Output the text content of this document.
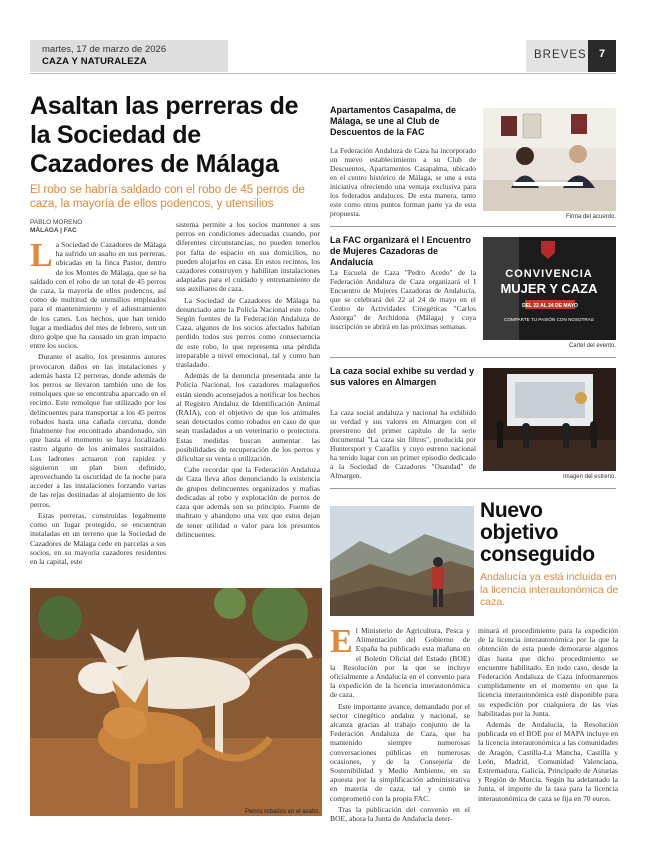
martes, 17 de marzo de 2026
CAZA Y NATURALEZA
BREVES	7
Asaltan las perreras de la Sociedad de Cazadores de Málaga
El robo se habría saldado con el robo de 45 perros de caza, la mayoría de ellos podencos, y utensilios
PABLO MORENO
MÁLAGA | FAC

La Sociedad de Cazadores de Málaga ha sufrido un asalto en sus perreras, ubicadas en la finca Pastor, dentro de los Montes de Málaga, que se ha saldado con el robo de un total de 45 perros de caza, la mayoría de ellos podencos, así como de multitud de utensilios empleados para el mantenimiento y el adiestramiento de los canes. Los hechos, que han tenido lugar a mediados del mes de febrero, son un duro golpe que ha causado un gran impacto entre los socios.

Durante el asalto, los presuntos autores provocaron daños en las instalaciones y además hasta 12 perreras, donde además de los perros se llevaron también uno de los remolques que se encontraba aparcado en el recinto. Este remolque fue utilizado por los delincuentes para transportar a los 45 perros robados hasta una cañada cercana, donde finalmente fue encontrado abandonado, sin que hasta el momento se haya localizado rastro alguno de los animales sustraídos. Los ladrones actuaron con rapidez y siguieron un plan bien definido, aprovechando la oscuridad de la noche para acceder a las instalaciones forzando varias de las rejas destinadas al alojamiento de los perros.

Estas perreras, construidas legalmente como un lugar protegido, se encuentran instaladas en un terreno que la Sociedad de Cazadores de Málaga cede en parcelas a sus socios, en su mayoría cazadores residentes en la capital, este

sistema permite a los socios mantener a sus perros en condiciones adecuadas cuando, por diferentes circunstancias, no pueden tenerlos por falta de espacio en sus domicilios, no pueden alojarlos en casa. En estos recintos, los cazadores construyen y habilitan instalaciones adaptadas para el cuidado y entrenamiento de sus auxiliares de caza.

La Sociedad de Cazadores de Málaga ha denunciado ante la Policía Nacional este robo. Según fuentes de la Federación Andaluza de Caza, algunos de los socios afectados habrían perdido todos sus perros como consecuencia de este robo, lo que representa una pérdida irreparable a nivel emocional, tal y como han trasladado.

Además de la denuncia presentada ante la Policía Nacional, los cazadores malagueños están siendo aconsejados a notificar los hechos al Registro Andaluz de Identificación Animal (RAIA), con el objetivo de que los animales sean detectados como robados en caso de que sean trasladados a un veterinario o protectora. Estas medidas buscan aumentar las posibilidades de recuperación de los perros y dificultar su venta o utilización.

Cabe recordar que la Federación Andaluza de Caza lleva años denunciando la existencia de grupos delincuentes organizados y mafias dedicadas al robo y explotación de perros de caza que además son su principio. Fuente de maltrato y abandono una vez que estos dejan de tener utilidad o valor para los presuntos delincuentes.

Perros robados en el asalto.
Apartamentos Casapalma, de Málaga, se une al Club de Descuentos de la FAC
La Federación Andaluza de Caza ha incorporado un nuevo establecimiento a su Club de Descuentos, Apartamentos Casapalma, ubicado en el centro histórico de Málaga, se une a esta iniciativa ofreciendo una ventaja exclusiva para los federados andaluces. De esta manera, tanto este como otros puntos forman parte ya de esta propuesta.	Firma del acuerdo.
La FAC organizará el I Encuentro de Mujeres Cazadoras de Andalucía
La Escuela de Caza "Pedro Acedo" de la Federación Andaluza de Caza organizará el I Encuentro de Mujeres Cazadoras de Andalucía, que se celebrará del 22 al 24 de mayo en el Centro de Actividades Cinegéticas "Carlos Astorga" de Archidona (Málaga) y cuya inscripción se abrirá en las próximas semanas.
CONVIVENCIA
MUJER Y CAZA
DEL 22 AL 24 DE MAYO
COMPARTE TU PASIÓN CON NOSOTRAS
Cartel del evento.
La caza social exhibe su verdad y sus valores en Almargen
La caza social andaluza y nacional ha exhibido su verdad y sus valores en Almargen con el preestreno del primer capítulo de la serie documental "La caza sin filtros", producida por Huntersport y Cazaflix y cuyo estreno nacional ha tenido lugar con un primer episodio dedicado a la Sociedad de Cazadores "Osandad" de Almargen.	Imagen del estreno.
Nuevo objetivo conseguido
Andalucía ya está incluida en la licencia interautonómica de caza.

El Ministerio de Agricultura, Pesca y Alimentación del Gobierno de España ha publicado esta mañana en el Boletín Oficial del Estado (BOE) la Resolución por la que se incluye oficialmente a Andalucía en el convenio para la expedición de la licencia interautonómica de caza.

Este importante avance, demandado por el sector cinegético andaluz y nacional, se alcanza gracias al trabajo conjunto de la Federación Andaluza de Caza, que ha mantenido siempre numerosas conversaciones públicas en numerosas ocasiones, y de la Consejería de Sostenibilidad y Medio Ambiente, en su apuesta por la simplificación administrativa en materia de caza, tal y como se comprometió con la propia FAC.

Tras la publicación del convenio en el BOE, ahora la Junta de Andalucía deter-

minará el procedimiento para la expedición de la licencia interautonómica por la que la obtención de esta puede demorarse algunos días hasta que dicho procedimiento se encuentre habilitado. En todo caso, desde la Federación Andaluza de Caza informaremos cumplidamente en el momento en que la licencia interautonómica esté disponible para su expedición por cualquiera de las vías habilitadas por la Junta.

Además de Andalucía, la Resolución publicada en el BOE por el MAPA incluye en la licencia interautonómica a las comunidades de Aragón, Castilla-La Mancha, Castilla y León, Madrid, Comunidad Valenciana, Extremadura, Galicia, Principado de Asturias y Región de Murcia. Según ha adelantado la Junta, el importe de la tasa para la licencia interautonómica de caza se fija en 70 euros.
